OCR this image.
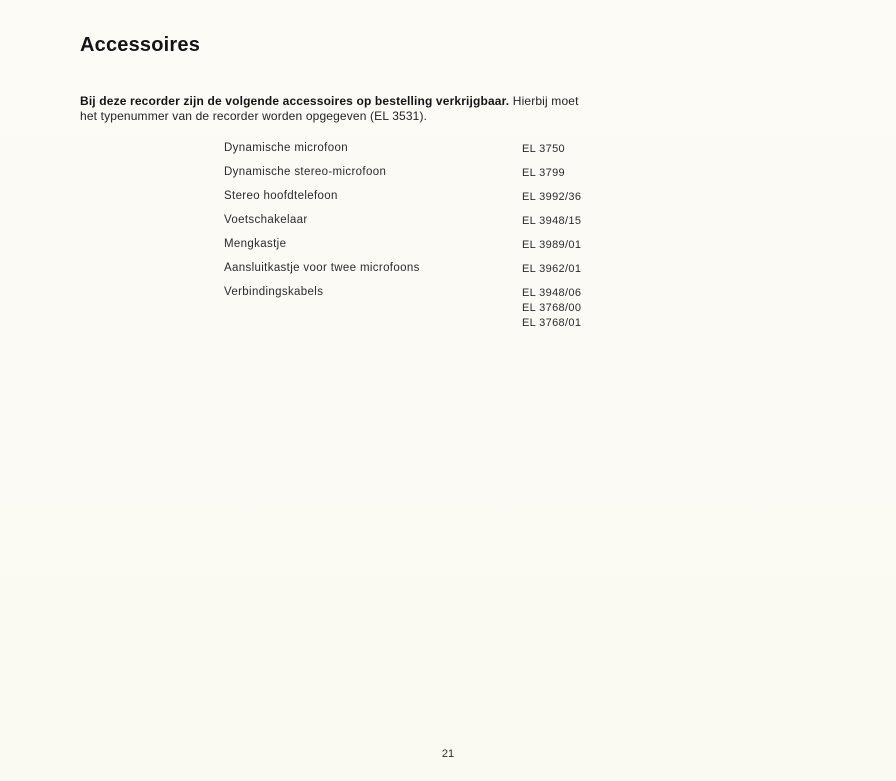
Accessoires

Bij deze recorder zijn de volgende accessoires op bestelling verkrijgbaar. Hierbij moet het typenummer van de recorder worden opgegeven (EL 3531).

Dynamische microfoon	EL 3750
Dynamische stereo-microfoon	EL 3799
Stereo hoofdtelefoon	EL 3992/36
Voetschakelaar	EL 3948/15
Mengkastje	EL 3989/01
Aansluitkastje voor twee microfoons	EL 3962/01
Verbindingskabels	EL 3948/06
EL 3768/00
EL 3768/01
21
